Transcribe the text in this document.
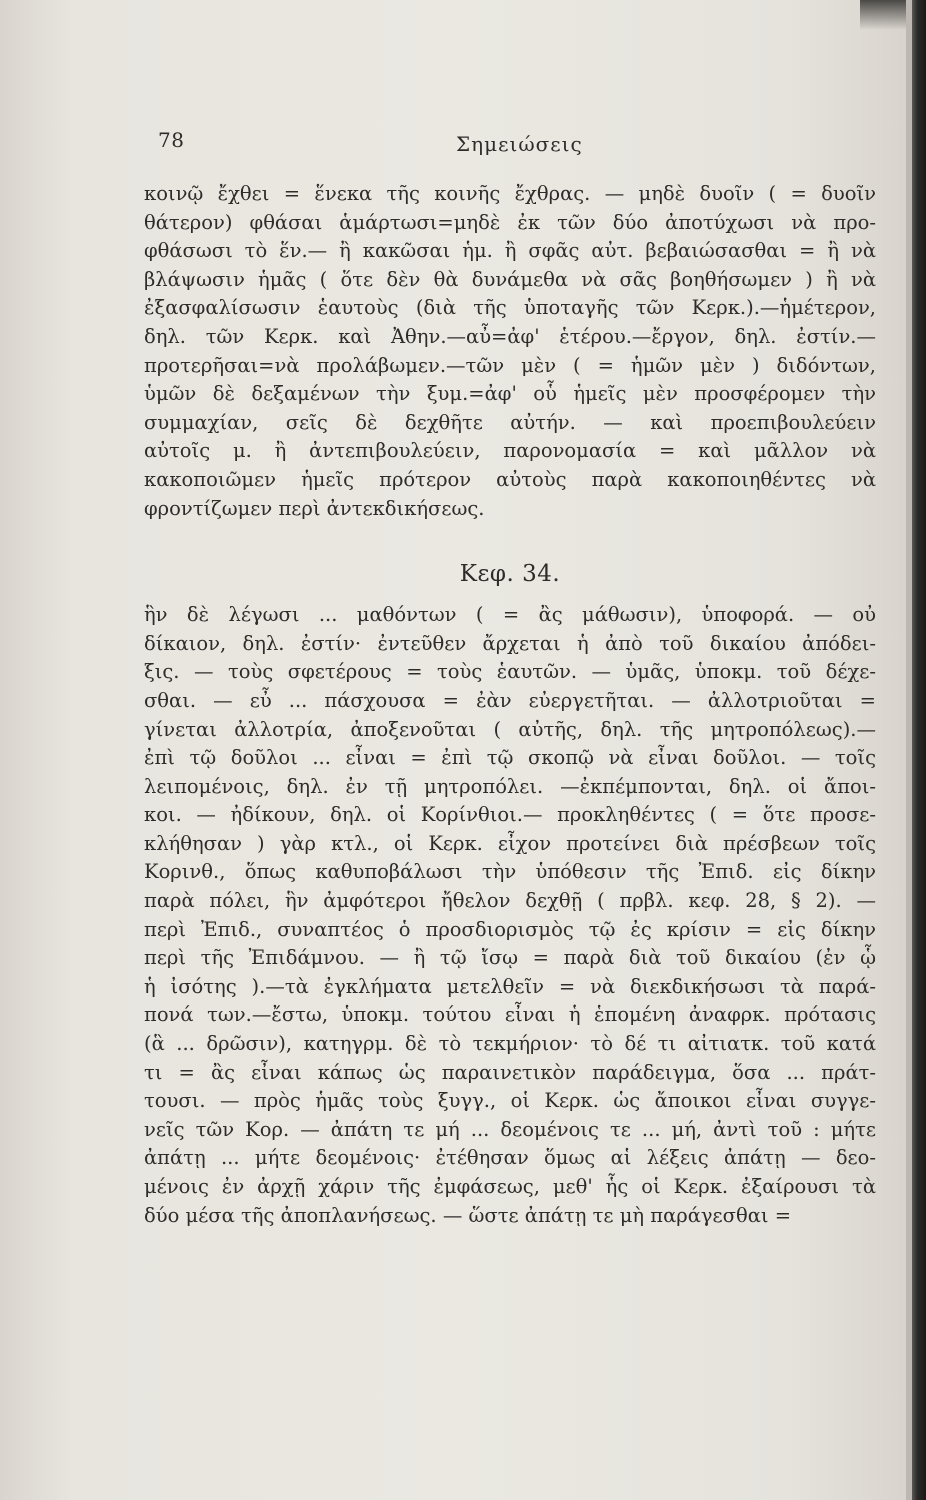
78	Σημειώσεις
κοινῷ ἔχθει = ἕνεκα τῆς κοινῆς ἔχθρας. — μηδὲ δυοῖν ( = δυοῖν
θάτερον) φθάσαι ἁμάρτωσι=μηδὲ ἐκ τῶν δύο ἀποτύχωσι νὰ προ-
φθάσωσι τὸ ἕν.— ἢ κακῶσαι ἡμ. ἢ σφᾶς αὐτ. βεβαιώσασθαι = ἢ νὰ
βλάψωσιν ἡμᾶς ( ὅτε δὲν θὰ δυνάμεθα νὰ σᾶς βοηθήσωμεν ) ἢ νὰ
ἐξασφαλίσωσιν ἑαυτοὺς (διὰ τῆς ὑποταγῆς τῶν Κερκ.).—ἡμέτερον,
δηλ. τῶν Κερκ. καὶ Ἀθην.—αὖ=ἀφ' ἑτέρου.—ἔργον, δηλ. ἐστίν.—
προτερῆσαι=νὰ προλάβωμεν.—τῶν μὲν ( = ἡμῶν μὲν ) διδόντων,
ὑμῶν δὲ δεξαμένων τὴν ξυμ.=ἀφ' οὗ ἡμεῖς μὲν προσφέρομεν τὴν
συμμαχίαν, σεῖς δὲ δεχθῆτε αὐτήν. — καὶ προεπιβουλεύειν
αὐτοῖς μ. ἢ ἀντεπιβουλεύειν, παρονομασία = καὶ μᾶλλον νὰ
κακοποιῶμεν ἡμεῖς πρότερον αὐτοὺς παρὰ κακοποιηθέντες νὰ
φροντίζωμεν περὶ ἀντεκδικήσεως.
Κεφ. 34.
ἣν δὲ λέγωσι ... μαθόντων ( = ἂς μάθωσιν), ὑποφορά. — οὐ
δίκαιον, δηλ. ἐστίν· ἐντεῦθεν ἄρχεται ἡ ἀπὸ τοῦ δικαίου ἀπόδει-
ξις. — τοὺς σφετέρους = τοὺς ἑαυτῶν. — ὑμᾶς, ὑποκμ. τοῦ δέχε-
σθαι. — εὖ ... πάσχουσα = ἐὰν εὐεργετῆται. — ἀλλοτριοῦται =
γίνεται ἀλλοτρία, ἀποξενοῦται ( αὐτῆς, δηλ. τῆς μητροπόλεως).—
ἐπὶ τῷ δοῦλοι ... εἶναι = ἐπὶ τῷ σκοπῷ νὰ εἶναι δοῦλοι. — τοῖς
λειπομένοις, δηλ. ἐν τῇ μητροπόλει. —ἐκπέμπονται, δηλ. οἱ ἄποι-
κοι. — ἠδίκουν, δηλ. οἱ Κορίνθιοι.— προκληθέντες ( = ὅτε προσε-
κλήθησαν ) γὰρ κτλ., οἱ Κερκ. εἶχον προτείνει διὰ πρέσβεων τοῖς
Κορινθ., ὅπως καθυποβάλωσι τὴν ὑπόθεσιν τῆς Ἐπιδ. εἰς δίκην
παρὰ πόλει, ἣν ἀμφότεροι ἤθελον δεχθῇ ( πρβλ. κεφ. 28, § 2). —
περὶ Ἐπιδ., συναπτέος ὁ προσδιορισμὸς τῷ ἐς κρίσιν = εἰς δίκην
περὶ τῆς Ἐπιδάμνου. — ἢ τῷ ἴσῳ = παρὰ διὰ τοῦ δικαίου (ἐν ᾧ
ἡ ἰσότης ).—τὰ ἐγκλήματα μετελθεῖν = νὰ διεκδικήσωσι τὰ παρά-
πονά των.—ἔστω, ὑποκμ. τούτου εἶναι ἡ ἑπομένη ἀναφρκ. πρότασις
(ἃ ... δρῶσιν), κατηγρμ. δὲ τὸ τεκμήριον· τὸ δέ τι αἰτιατκ. τοῦ κατά
τι = ἂς εἶναι κάπως ὡς παραινετικὸν παράδειγμα, ὅσα ... πράτ-
τουσι. — πρὸς ἡμᾶς τοὺς ξυγγ., οἱ Κερκ. ὡς ἄποικοι εἶναι συγγε-
νεῖς τῶν Κορ. — ἀπάτη τε μή ... δεομένοις τε ... μή, ἀντὶ τοῦ : μήτε
ἀπάτῃ ... μήτε δεομένοις· ἐτέθησαν ὅμως αἱ λέξεις ἀπάτῃ — δεο-
μένοις ἐν ἀρχῇ χάριν τῆς ἐμφάσεως, μεθ' ἧς οἱ Κερκ. ἐξαίρουσι τὰ
δύο μέσα τῆς ἀποπλανήσεως. — ὥστε ἀπάτῃ τε μὴ παράγεσθαι =
